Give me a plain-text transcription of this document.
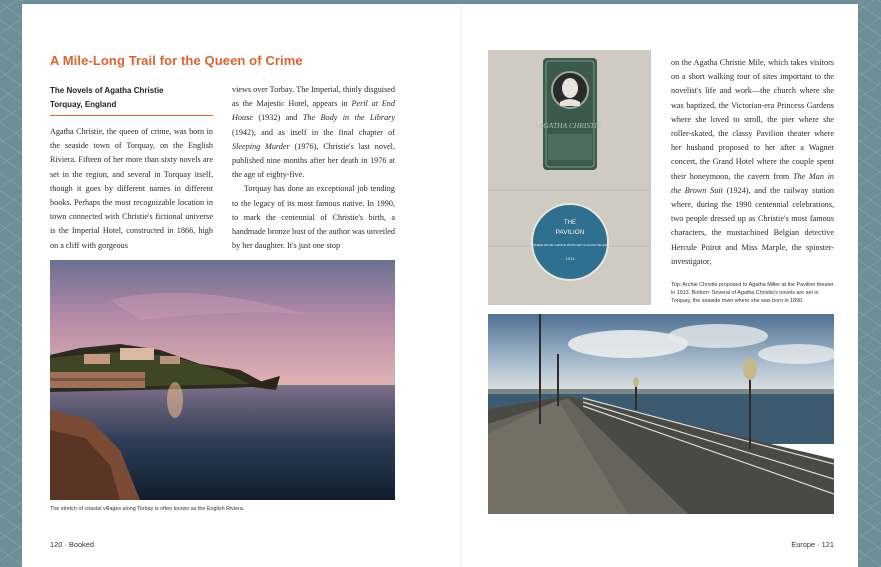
A Mile-Long Trail for the Queen of Crime
The Novels of Agatha Christie
Torquay, England

Agatha Christie, the queen of crime, was born in the seaside town of Torquay, on the English Riviera. Fifteen of her more than sixty novels are set in the region, and several in Torquay itself, though it goes by different names in different books. Perhaps the most recognizable location in town connected with Christie's fictional universe is the Imperial Hotel, constructed in 1866, high on a cliff with gorgeous

views over Torbay. The Imperial, thinly disguised as the Majestic Hotel, appears in Peril at End House (1932) and The Body in the Library (1942), and as itself in the final chapter of Sleeping Murder (1976), Christie's last novel, published nine months after her death in 1976 at the age of eighty-five.

Torquay has done an exceptional job tending to the legacy of its most famous native. In 1990, to mark the centennial of Christie's birth, a handmade bronze bust of the author was unveiled by her daughter. It's just one stop

on the Agatha Christie Mile, which takes visitors on a short walking tour of sites important to the novelist's life and work—the church where she was baptized, the Victorian-era Princess Gardens where she loved to stroll, the pier where she roller-skated, the classy Pavilion theater where her husband proposed to her after a Wagner concert, the Grand Hotel where the couple spent their honeymoon, the cavern from The Man in the Brown Suit (1924), and the railway station where, during the 1990 centennial celebrations, two people dressed up as Christie's most famous characters, the mustachioed Belgian detective Hercule Poirot and Miss Marple, the spinster-investigator,

The stretch of coastal villages along Torbay is often known as the English Riviera.
AGATHA CHRISTIE
THE
PAVILION
WHERE ARCHIE CHRISTIE PROPOSED TO AGATHA MILLER
1913
Top: Archie Christie proposed to Agatha Miller at the Pavilion theater in 1913. Bottom: Several of Agatha Christie's novels are set in Torquay, the seaside town where she was born in 1890.
120 · Booked	Europe · 121
